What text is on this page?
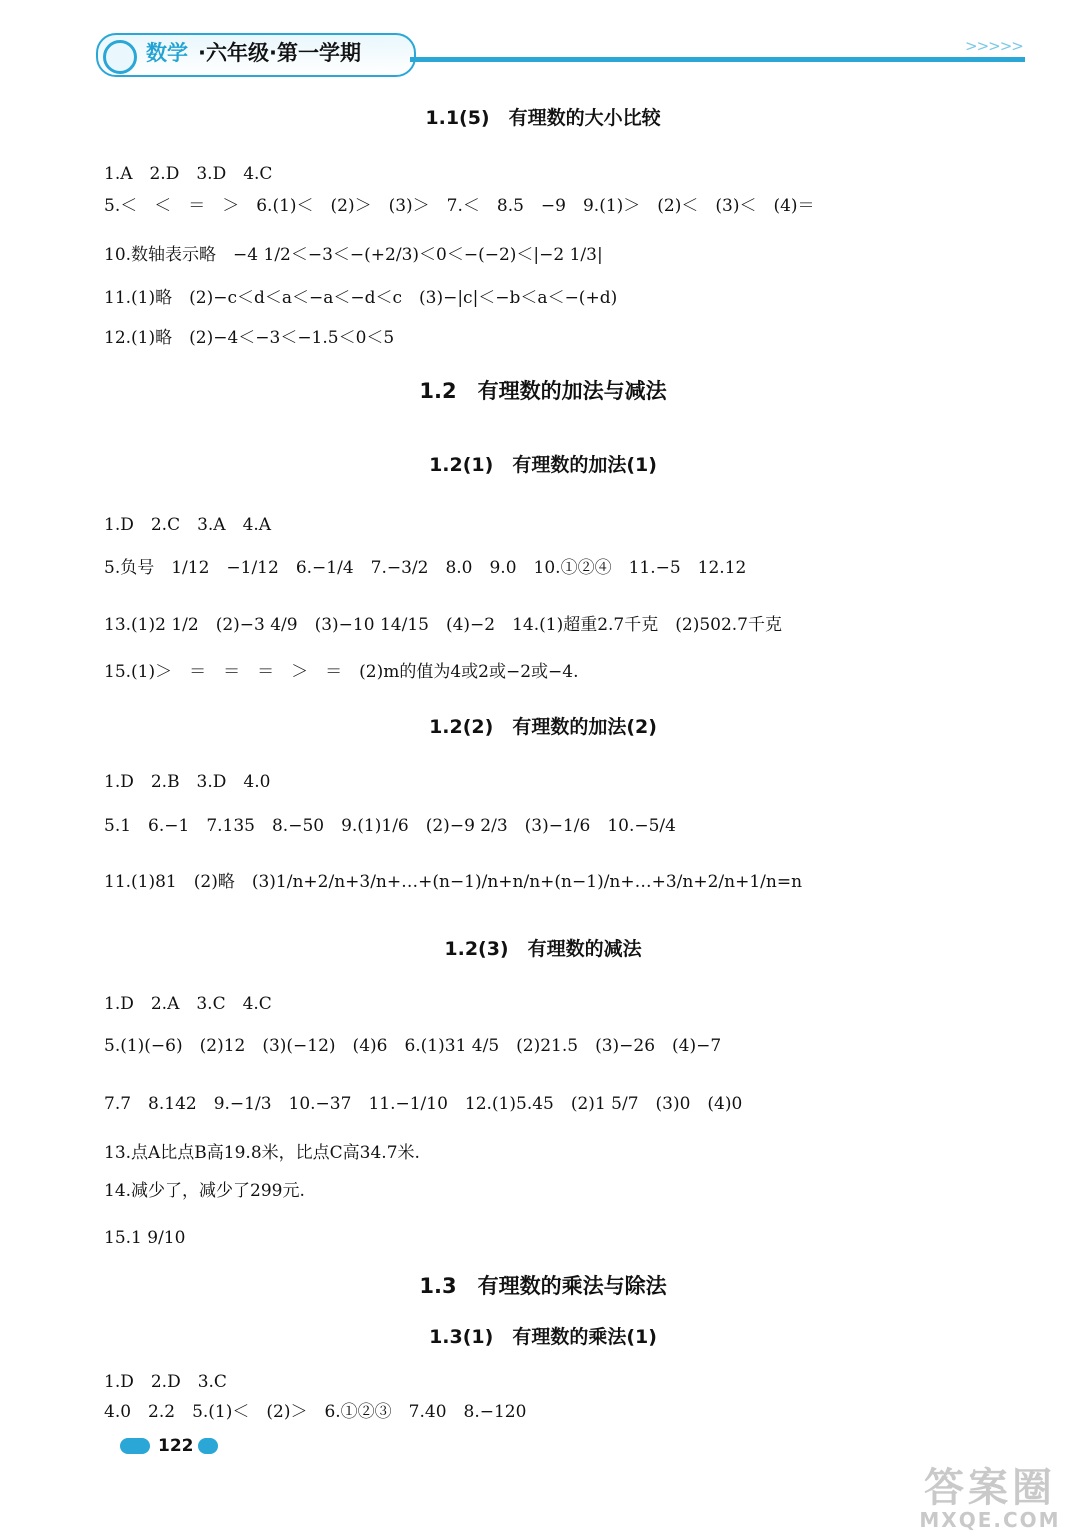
数学 ·六年级·第一学期	>>>>>
1.1(5)　有理数的大小比较
1.A　2.D　3.D　4.C
5.＜　＜　＝　＞　6.(1)＜　(2)＞　(3)＞　7.＜　8.5　−9　9.(1)＞　(2)＜　(3)＜　(4)＝
10.数轴表示略　−4 1/2＜−3＜−(+2/3)＜0＜−(−2)＜|−2 1/3|
11.(1)略　(2)−c＜d＜a＜−a＜−d＜c　(3)−|c|＜−b＜a＜−(+d)
12.(1)略　(2)−4＜−3＜−1.5＜0＜5
1.2　有理数的加法与减法
1.2(1)　有理数的加法(1)
1.D　2.C　3.A　4.A
5.负号　1/12　−1/12　6.−1/4　7.−3/2　8.0　9.0　10.①②④　11.−5　12.12
13.(1)2 1/2　(2)−3 4/9　(3)−10 14/15　(4)−2　14.(1)超重2.7千克　(2)502.7千克
15.(1)＞　＝　＝　＝　＞　＝　(2)m的值为4或2或−2或−4.
1.2(2)　有理数的加法(2)
1.D　2.B　3.D　4.0
5.1　6.−1　7.135　8.−50　9.(1)1/6　(2)−9 2/3　(3)−1/6　10.−5/4
11.(1)81　(2)略　(3)1/n+2/n+3/n+…+(n−1)/n+n/n+(n−1)/n+…+3/n+2/n+1/n=n
1.2(3)　有理数的减法
1.D　2.A　3.C　4.C
5.(1)(−6)　(2)12　(3)(−12)　(4)6　6.(1)31 4/5　(2)21.5　(3)−26　(4)−7
7.7　8.142　9.−1/3　10.−37　11.−1/10　12.(1)5.45　(2)1 5/7　(3)0　(4)0
13.点A比点B高19.8米，比点C高34.7米.
14.减少了，减少了299元.
15.1 9/10
1.3　有理数的乘法与除法
1.3(1)　有理数的乘法(1)
1.D　2.D　3.C
4.0　2.2　5.(1)＜　(2)＞　6.①②③　7.40　8.−120
122
答案圈
MXQE.COM
